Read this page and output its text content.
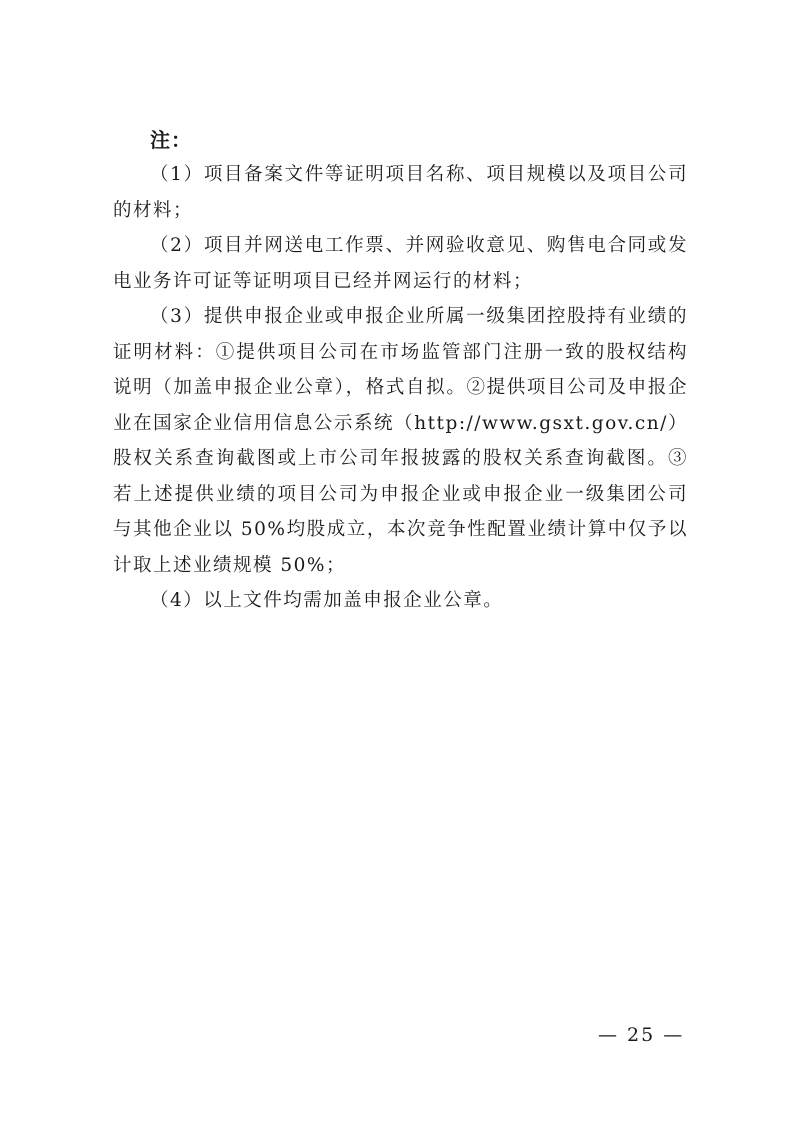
注：

（1）项目备案文件等证明项目名称、项目规模以及项目公司的材料；

（2）项目并网送电工作票、并网验收意见、购售电合同或发电业务许可证等证明项目已经并网运行的材料；

（3）提供申报企业或申报企业所属一级集团控股持有业绩的证明材料：①提供项目公司在市场监管部门注册一致的股权结构说明（加盖申报企业公章），格式自拟。②提供项目公司及申报企业在国家企业信用信息公示系统（http://www.gsxt.gov.cn/）股权关系查询截图或上市公司年报披露的股权关系查询截图。③若上述提供业绩的项目公司为申报企业或申报企业一级集团公司与其他企业以 50%均股成立，本次竞争性配置业绩计算中仅予以计取上述业绩规模 50%；

（4）以上文件均需加盖申报企业公章。

— 25 —
